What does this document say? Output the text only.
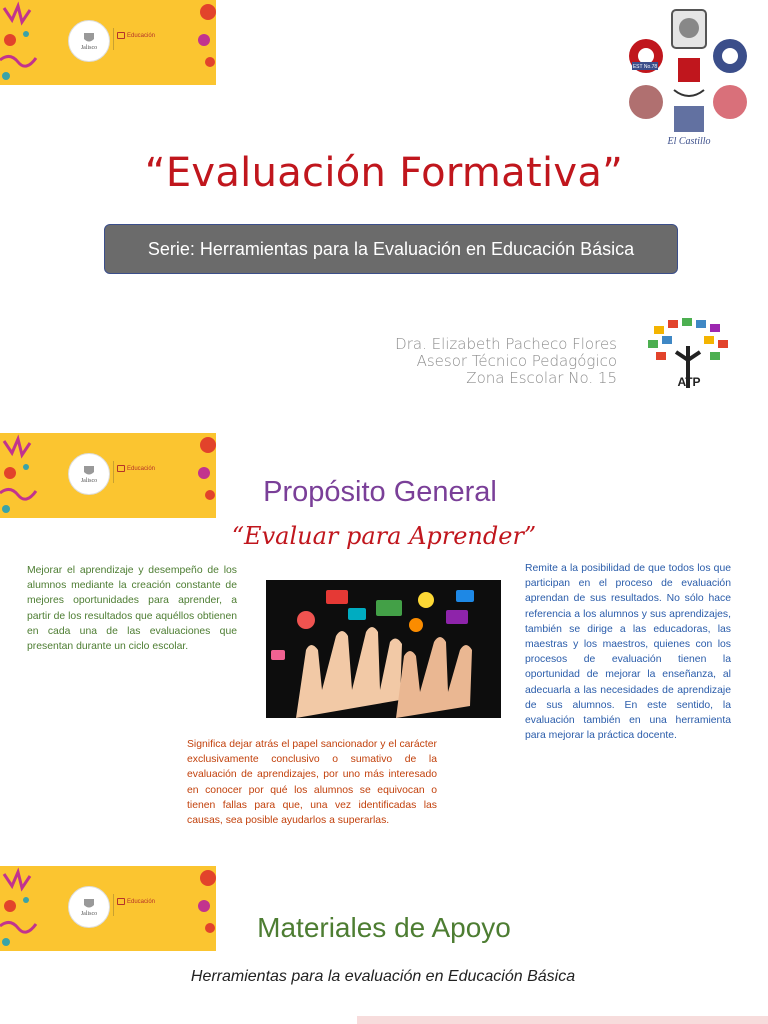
Jalisco
Educación
EST No.78
El Castillo
“Evaluación Formativa”
Serie: Herramientas para la Evaluación en Educación Básica
Dra. Elizabeth Pacheco Flores
Asesor Técnico Pedagógico
Zona Escolar No. 15	ATP
Jalisco
Educación
Propósito General
“Evaluar para Aprender”
Mejorar el aprendizaje y desempeño de los alumnos mediante la creación constante de mejores oportunidades para aprender, a partir de los resultados que aquéllos obtienen en cada una de las evaluaciones que presentan durante un ciclo escolar.
Remite a la posibilidad de que todos los que participan en el proceso de evaluación aprendan de sus resultados. No sólo hace referencia a los alumnos y sus aprendizajes, también se dirige a las educadoras, las maestras y los maestros, quienes con los procesos de evaluación tienen la oportunidad de mejorar la enseñanza, al adecuarla a las necesidades de aprendizaje de sus alumnos. En este sentido, la evaluación también en una herramienta para mejorar la práctica docente.
Significa dejar atrás el papel sancionador y el carácter exclusivamente conclusivo o sumativo de la evaluación de aprendizajes, por uno más interesado en conocer por qué los alumnos se equivocan o tienen fallas para que, una vez identificadas las causas, sea posible ayudarlos a superarlas.
Jalisco
Educación
Materiales de Apoyo
Herramientas para la evaluación en Educación Básica
